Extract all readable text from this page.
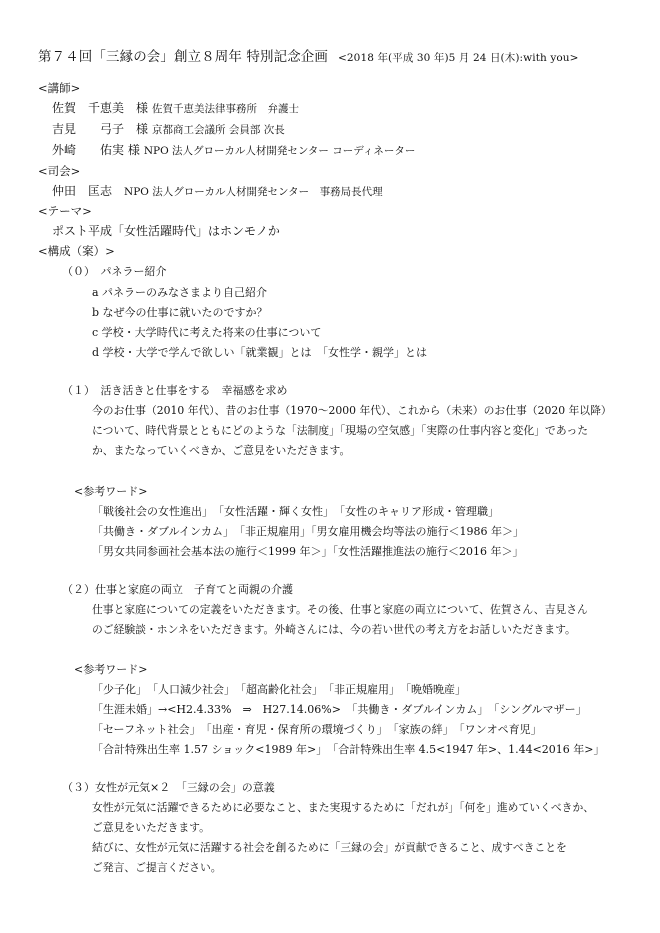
第７４回「三縁の会」創立８周年 特別記念企画 <2018 年(平成 30 年)5 月 24 日(木):with you>
<講師>
佐賀　千恵美　様 佐賀千恵美法律事務所　弁護士
吉見　　弓子　様 京都商工会議所 会員部 次長
外崎　　佑実 様 NPO 法人グローカル人材開発センター コーディネーター
<司会>
仲田　匡志 NPO 法人グローカル人材開発センター　事務局長代理
<テーマ>
ポスト平成「女性活躍時代」はホンモノか
<構成（案）>
（０）　パネラー紹介
a パネラーのみなさまより自己紹介
b なぜ今の仕事に就いたのですか？
c 学校・大学時代に考えた将来の仕事について
d 学校・大学で学んで欲しい「就業観」とは　「女性学・親学」とは
（１）　活き活きと仕事をする　幸福感を求め
今のお仕事（2010 年代）、昔のお仕事（1970～2000 年代）、これから（未来）のお仕事（2020 年以降）
について、時代背景とともにどのような「法制度」「現場の空気感」「実際の仕事内容と変化」であった
か、またなっていくべきか、ご意見をいただきます。
<参考ワード>
「戦後社会の女性進出」　「女性活躍・輝く女性」　「女性のキャリア形成・管理職」
「共働き・ダブルインカム」　「非正規雇用」「男女雇用機会均等法の施行＜1986 年＞」
「男女共同参画社会基本法の施行＜1999 年＞」「女性活躍推進法の施行＜2016 年＞」
（２）仕事と家庭の両立　子育てと両親の介護
仕事と家庭についての定義をいただきます。その後、仕事と家庭の両立について、佐賀さん、吉見さん
のご経験談・ホンネをいただきます。外崎さんには、今の若い世代の考え方をお話しいただきます。
<参考ワード>
「少子化」　「人口減少社会」　「超高齢化社会」　「非正規雇用」　「晩婚晩産」
「生涯未婚」→<H2.4.33%　⇒　H27.14.06%>　「共働き・ダブルインカム」　「シングルマザー」
「セーフネット社会」　「出産・育児・保育所の環境づくり」　「家族の絆」　「ワンオペ育児」
「合計特殊出生率 1.57 ショック<1989 年>」　「合計特殊出生率 4.5<1947 年>、1.44<2016 年>」
（３）女性が元気×２　「三縁の会」の意義
女性が元気に活躍できるために必要なこと、また実現するために「だれが」「何を」進めていくべきか、
ご意見をいただきます。
結びに、女性が元気に活躍する社会を創るために「三縁の会」が貢献できること、成すべきことを
ご発言、ご提言ください。
